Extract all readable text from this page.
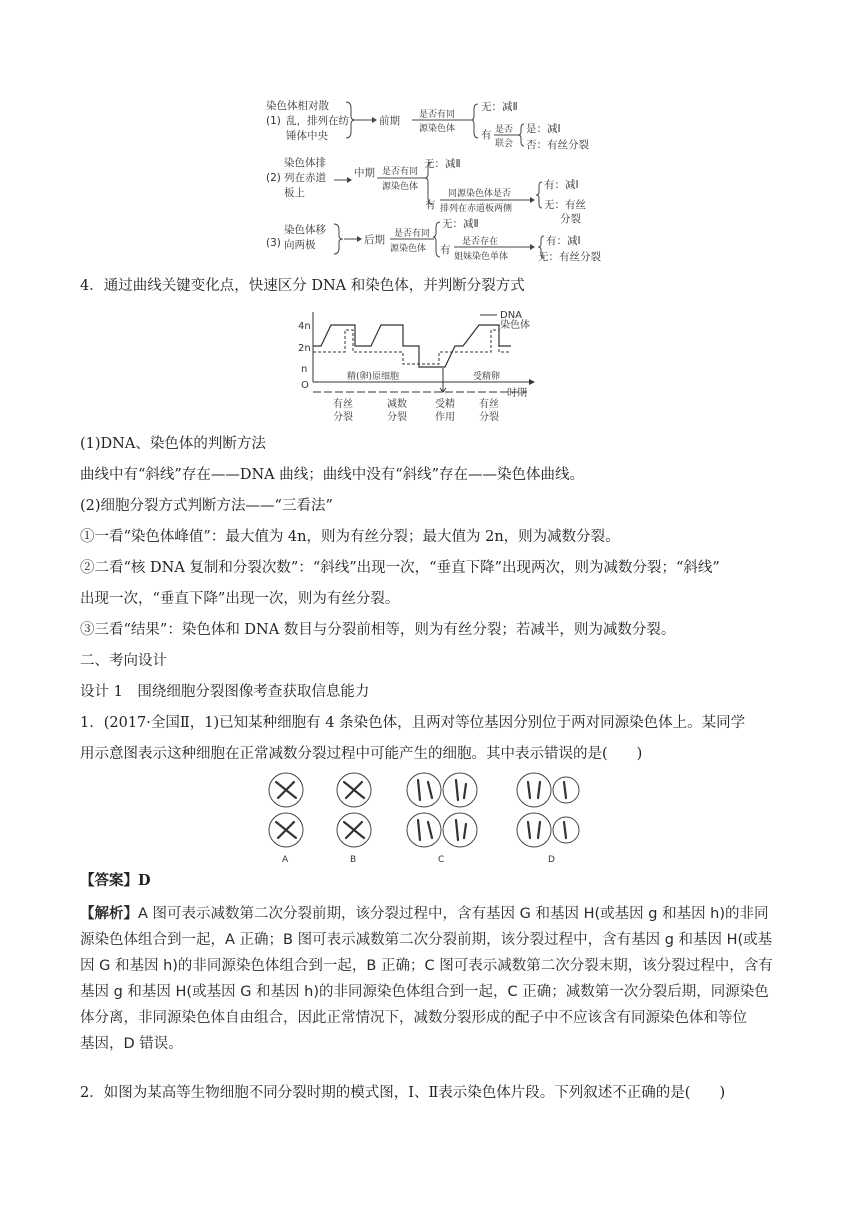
染色体相对散
(1) 乱，排列在纺
锤体中央
前期 是否有同
源染色体
无：减Ⅱ
有 是否
联会
是：减Ⅰ
否：有丝分裂
染色体排
(2) 列在赤道
板上
中期 是否有同
源染色体
无：减Ⅱ
有
同源染色体是否
排列在赤道板两侧
有：减Ⅰ
无：有丝
分裂
染色体移
(3) 向两极	后期 是否有同
源染色体
无：减Ⅱ
有
是否存在
姐妹染色单体
有：减Ⅰ
无：有丝分裂
4．通过曲线关键变化点，快速区分 DNA 和染色体，并判断分裂方式
4n
2n
n
O
时期
DNA
染色体
精(卵)原细胞	受精卵
有丝
分裂
减数
分裂
受精
作用
有丝
分裂
(1)DNA、染色体的判断方法
曲线中有“斜线”存在——DNA 曲线；曲线中没有“斜线”存在——染色体曲线。
(2)细胞分裂方式判断方法——“三看法”
①一看“染色体峰值”：最大值为 4n，则为有丝分裂；最大值为 2n，则为减数分裂。
②二看“核 DNA 复制和分裂次数”：“斜线”出现一次，“垂直下降”出现两次，则为减数分裂；“斜线”
出现一次，“垂直下降”出现一次，则为有丝分裂。
③三看“结果”：染色体和 DNA 数目与分裂前相等，则为有丝分裂；若减半，则为减数分裂。
二、考向设计
设计 1　围绕细胞分裂图像考查获取信息能力
1．(2017·全国Ⅱ，1)已知某种细胞有 4 条染色体，且两对等位基因分别位于两对同源染色体上。某同学
用示意图表示这种细胞在正常减数分裂过程中可能产生的细胞。其中表示错误的是(　　)
A	B	C	D
【答案】D
【解析】A 图可表示减数第二次分裂前期，该分裂过程中，含有基因 G 和基因 H(或基因 g 和基因 h)的非同
源染色体组合到一起，A 正确；B 图可表示减数第二次分裂前期，该分裂过程中，含有基因 g 和基因 H(或基
因 G 和基因 h)的非同源染色体组合到一起，B 正确；C 图可表示减数第二次分裂末期，该分裂过程中，含有
基因 g 和基因 H(或基因 G 和基因 h)的非同源染色体组合到一起，C 正确；减数第一次分裂后期，同源染色
体分离，非同源染色体自由组合，因此正常情况下，减数分裂形成的配子中不应该含有同源染色体和等位
基因，D 错误。
2．如图为某高等生物细胞不同分裂时期的模式图，Ⅰ、Ⅱ表示染色体片段。下列叙述不正确的是(　　)
